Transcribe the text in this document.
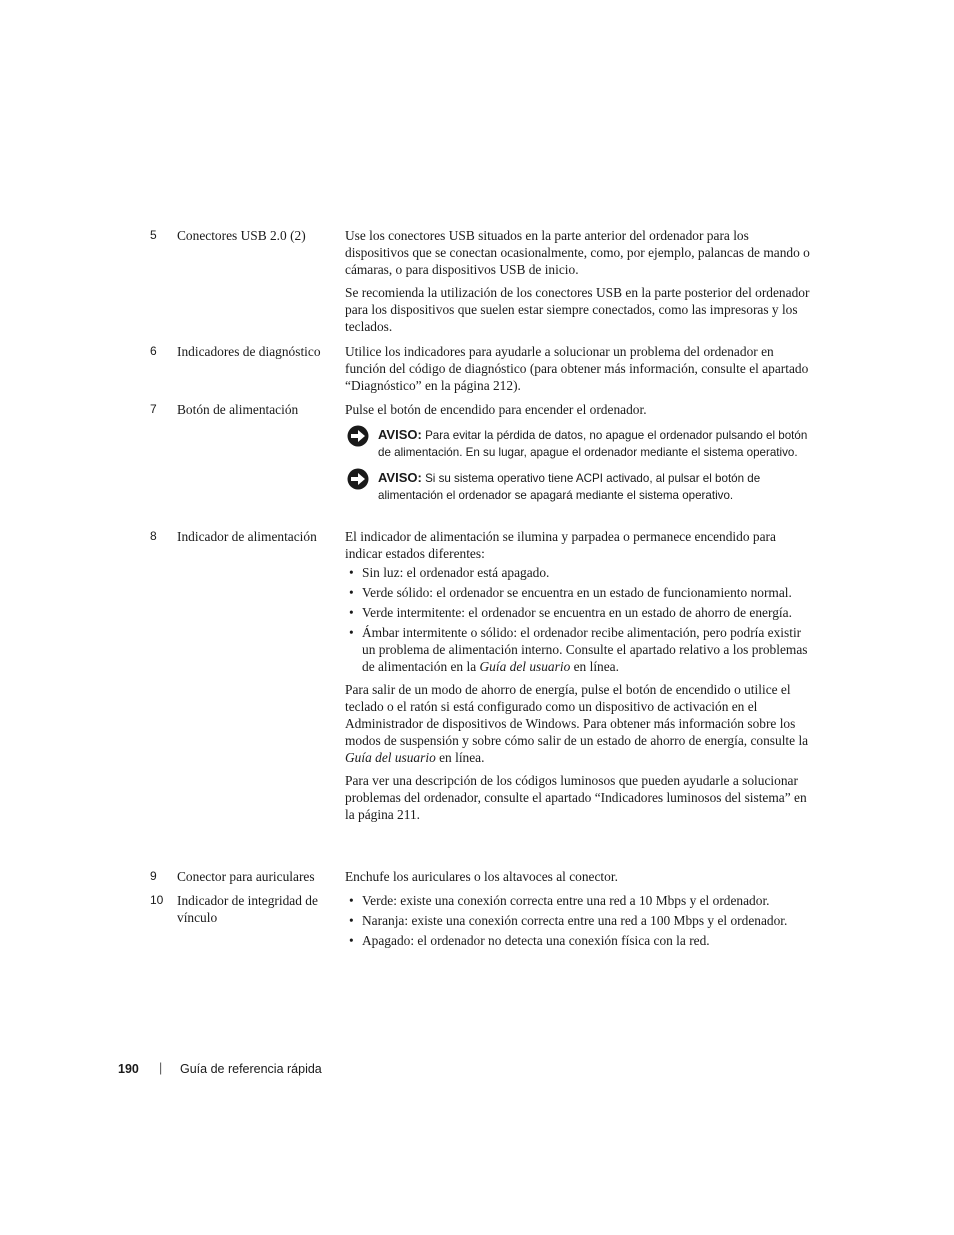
5	Conectores USB 2.0 (2)	Use los conectores USB situados en la parte anterior del ordenador para los dispositivos que se conectan ocasionalmente, como, por ejemplo, palancas de mando o cámaras, o para dispositivos USB de inicio.

Se recomienda la utilización de los conectores USB en la parte posterior del ordenador para los dispositivos que suelen estar siempre conectados, como las impresoras y los teclados.

6	Indicadores de diagnóstico	Utilice los indicadores para ayudarle a solucionar un problema del ordenador en función del código de diagnóstico (para obtener más información, consulte el apartado “Diagnóstico” en la página 212).

7	Botón de alimentación	Pulse el botón de encendido para encender el ordenador.

AVISO: Para evitar la pérdida de datos, no apague el ordenador pulsando el botón de alimentación. En su lugar, apague el ordenador mediante el sistema operativo.
AVISO: Si su sistema operativo tiene ACPI activado, al pulsar el botón de alimentación el ordenador se apagará mediante el sistema operativo.
8	Indicador de alimentación	El indicador de alimentación se ilumina y parpadea o permanece encendido para indicar estados diferentes:

• Sin luz: el ordenador está apagado.
• Verde sólido: el ordenador se encuentra en un estado de funcionamiento normal.
• Verde intermitente: el ordenador se encuentra en un estado de ahorro de energía.
• Ámbar intermitente o sólido: el ordenador recibe alimentación, pero podría existir un problema de alimentación interno. Consulte el apartado relativo a los problemas de alimentación en la Guía del usuario en línea.

Para salir de un modo de ahorro de energía, pulse el botón de encendido o utilice el teclado o el ratón si está configurado como un dispositivo de activación en el Administrador de dispositivos de Windows. Para obtener más información sobre los modos de suspensión y sobre cómo salir de un estado de ahorro de energía, consulte la Guía del usuario en línea.

Para ver una descripción de los códigos luminosos que pueden ayudarle a solucionar problemas del ordenador, consulte el apartado “Indicadores luminosos del sistema” en la página 211.

9	Conector para auriculares	Enchufe los auriculares o los altavoces al conector.

10	Indicador de integridad de vínculo
• Verde: existe una conexión correcta entre una red a 10 Mbps y el ordenador.
• Naranja: existe una conexión correcta entre una red a 100 Mbps y el ordenador.
• Apagado: el ordenador no detecta una conexión física con la red.
190 | Guía de referencia rápida
